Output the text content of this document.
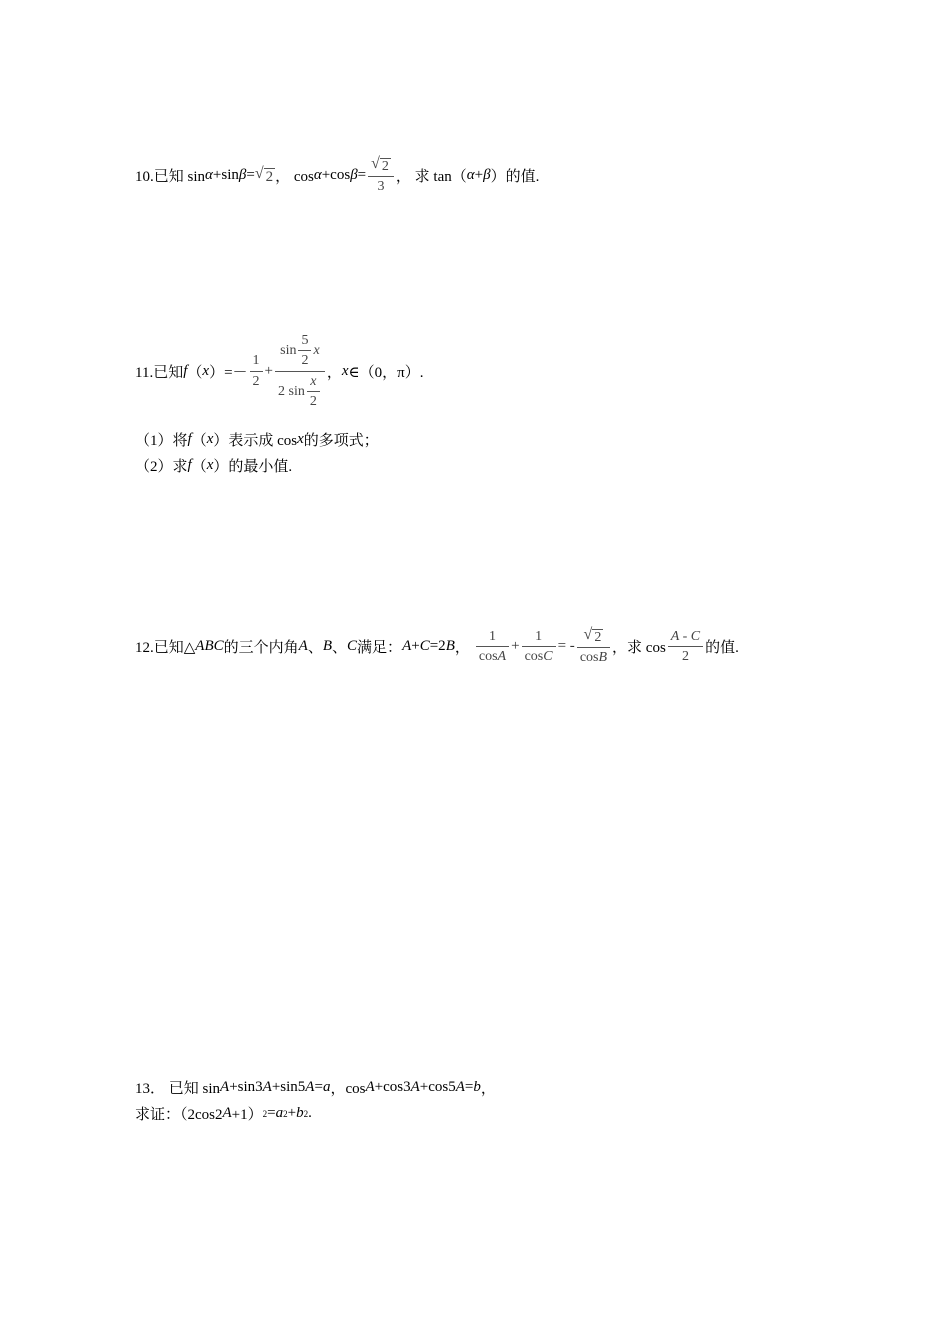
10.已知 sin α +sin β = √ 2 ， cos α +cos $\beta = \frac{√ 2}{3}$ ， 求 tan（ α + β ）的值.
11.已知 f （ x ）=－ $\frac{1}{2} + \frac{\sin \frac{5}{2} x}{2 \sin \frac{x}{2}}$ ， x ∈（0，π）.
（1）将 f （ x ）表示成 cos x 的多项式；
（2）求 f （ x ）的最小值.
12.已知△ ABC 的三个内角 A 、 B 、 C 满足： A + C =2 B ， $\frac{1}{\text{cos A}} + \frac{1}{\text{cos C}}$ = - $\frac{√ 2}{\text{cos B}}$ ，求 $\cos \frac{A - C}{2}$ 的值.
13． 已知 sin A +sin3 A +sin5 A = a ，cos A +cos3 A +cos5 A = b ，
求证：（2cos2 A +1） 2 = a 2 + b 2 .
